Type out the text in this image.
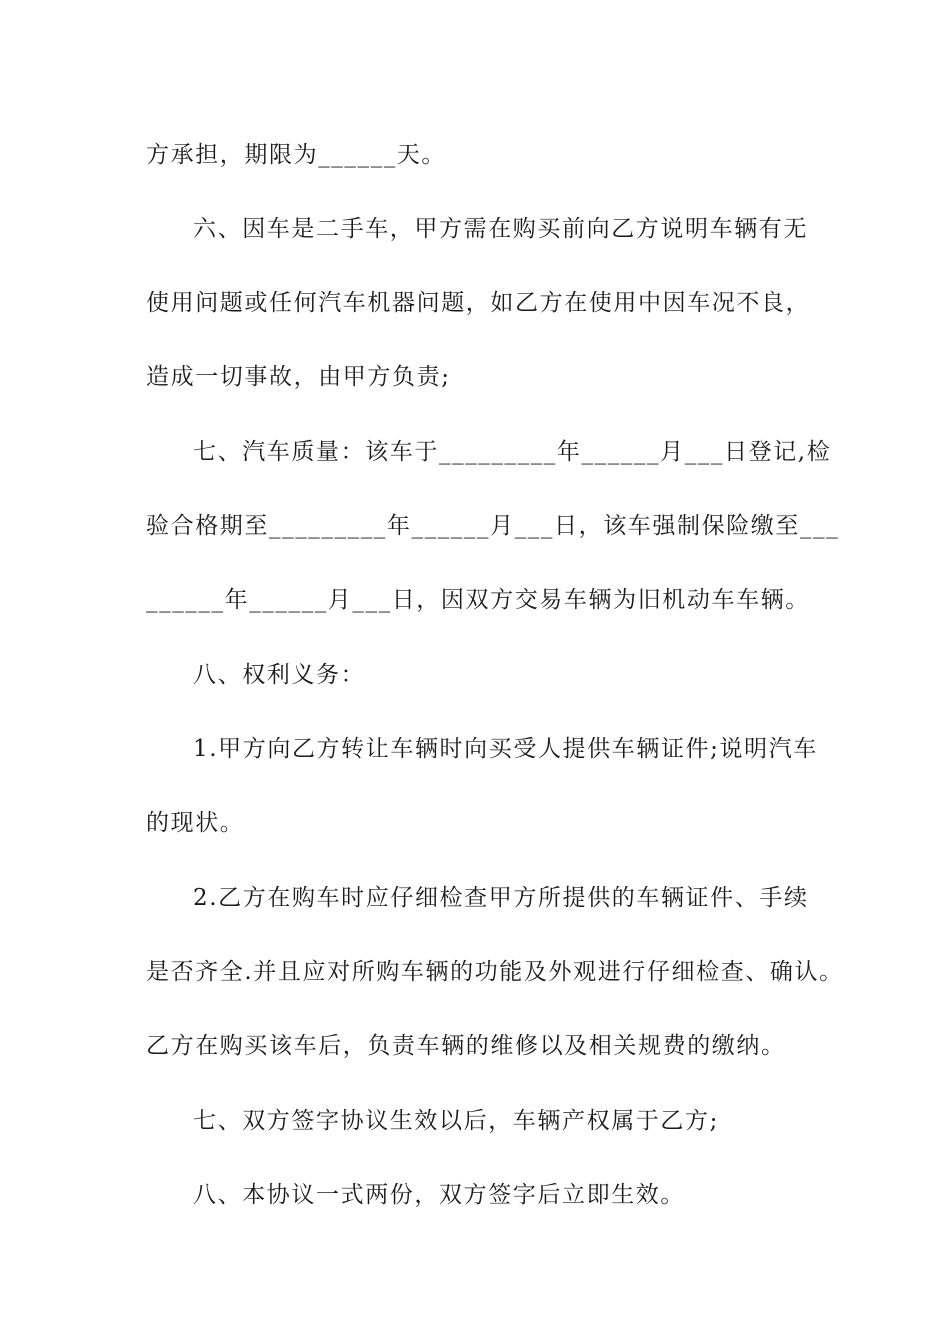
方承担，期限为______天。
六、因车是二手车，甲方需在购买前向乙方说明车辆有无
使用问题或任何汽车机器问题，如乙方在使用中因车况不良，
造成一切事故，由甲方负责;
七、汽车质量：该车于_________年______月___日登记,检
验合格期至_________年______月___日，该车强制保险缴至___
______年______月___日，因双方交易车辆为旧机动车车辆。
八、权利义务：
1.甲方向乙方转让车辆时向买受人提供车辆证件;说明汽车
的现状。
2.乙方在购车时应仔细检查甲方所提供的车辆证件、手续
是否齐全.并且应对所购车辆的功能及外观进行仔细检查、确认。
乙方在购买该车后，负责车辆的维修以及相关规费的缴纳。
七、双方签字协议生效以后，车辆产权属于乙方;
八、本协议一式两份，双方签字后立即生效。
